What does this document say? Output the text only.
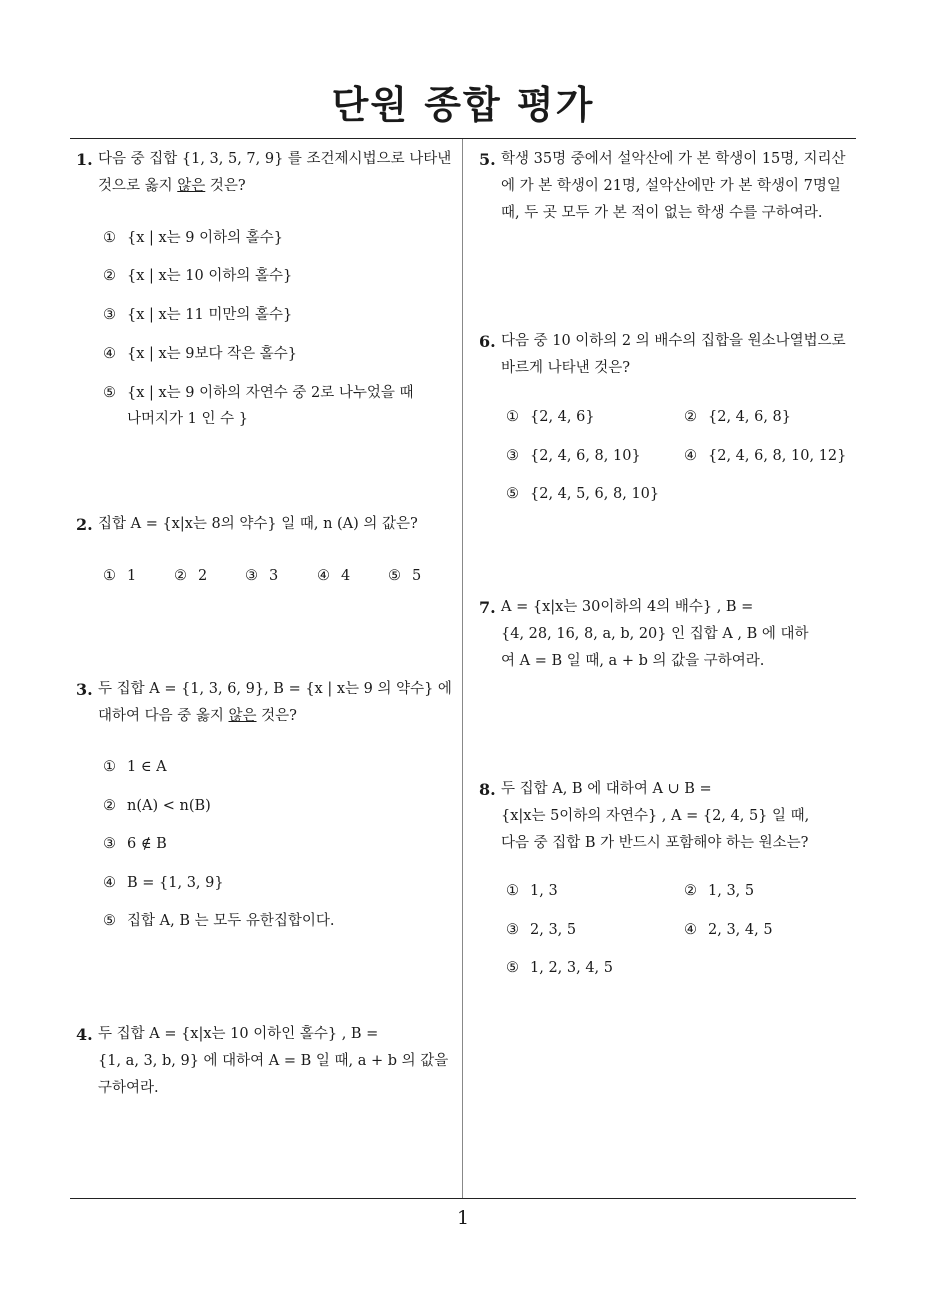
단원 종합 평가
1
1. 다음 중 집합 {1, 3, 5, 7, 9} 를 조건제시법으로 나타낸
것으로 옳지 않은 것은?
① {x | x는 9 이하의 홀수}
② {x | x는 10 이하의 홀수}
③ {x | x는 11 미만의 홀수}
④ {x | x는 9보다 작은 홀수}
⑤ {x | x는 9 이하의 자연수 중 2로 나누었을 때
나머지가 1 인 수 }
2. 집합 A = {x|x는 8의 약수} 일 때, n (A) 의 값은?
① 1	② 2	③ 3	④ 4	⑤ 5
3. 두 집합 A = {1, 3, 6, 9}, B = {x | x는 9 의 약수} 에
대하여 다음 중 옳지 않은 것은?
① 1 ∈ A
② n(A) < n(B)
③ 6 ∉ B
④ B = {1, 3, 9}
⑤ 집합 A, B 는 모두 유한집합이다.
4. 두 집합 A = {x|x는 10 이하인 홀수} , B =
{1, a, 3, b, 9} 에 대하여 A = B 일 때, a + b 의 값을
구하여라.
5. 학생 35명 중에서 설악산에 가 본 학생이 15명, 지리산
에 가 본 학생이 21명, 설악산에만 가 본 학생이 7명일
때, 두 곳 모두 가 본 적이 없는 학생 수를 구하여라.
6. 다음 중 10 이하의 2 의 배수의 집합을 원소나열법으로
바르게 나타낸 것은?
① {2, 4, 6}	② {2, 4, 6, 8}
③ {2, 4, 6, 8, 10}	④ {2, 4, 6, 8, 10, 12}
⑤ {2, 4, 5, 6, 8, 10}
7. A = {x|x는 30이하의 4의 배수} , B =
{4, 28, 16, 8, a, b, 20} 인 집합 A , B 에 대하
여 A = B 일 때, a + b 의 값을 구하여라.
8. 두 집합 A, B 에 대하여 A ∪ B =
{x|x는 5이하의 자연수} , A = {2, 4, 5} 일 때,
다음 중 집합 B 가 반드시 포함해야 하는 원소는?
① 1, 3	② 1, 3, 5
③ 2, 3, 5	④ 2, 3, 4, 5
⑤ 1, 2, 3, 4, 5
